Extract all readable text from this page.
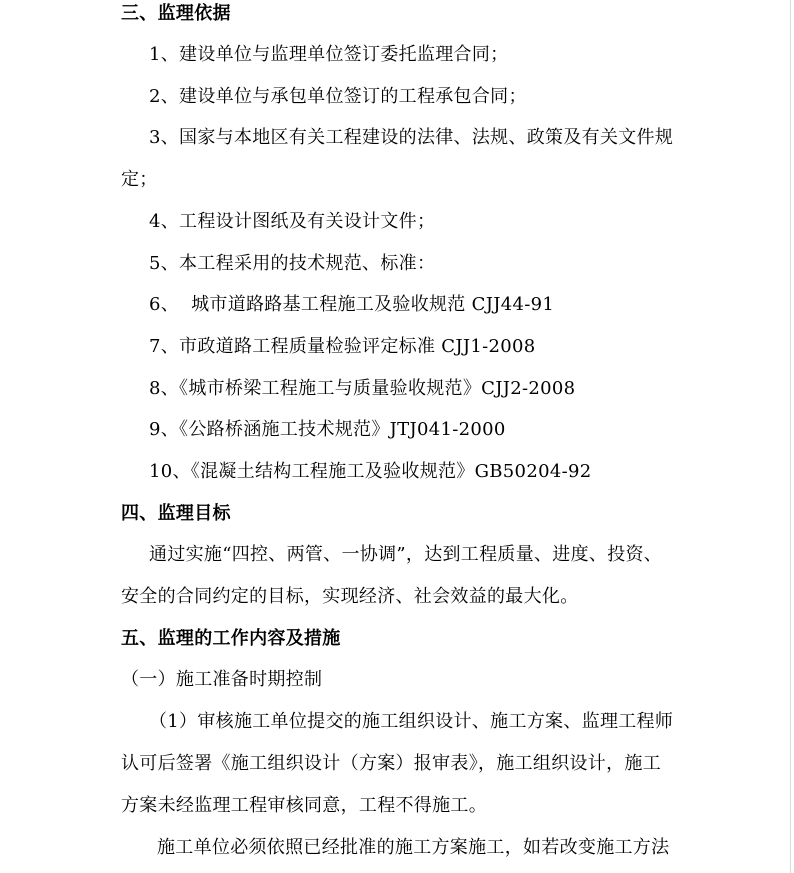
三、监理依据
1、建设单位与监理单位签订委托监理合同；
2、建设单位与承包单位签订的工程承包合同；
3、国家与本地区有关工程建设的法律、法规、政策及有关文件规
定；
4、工程设计图纸及有关设计文件；
5、本工程采用的技术规范、标准：
6、  城市道路路基工程施工及验收规范 CJJ44-91
7、市政道路工程质量检验评定标准 CJJ1-2008
8、《城市桥梁工程施工与质量验收规范》CJJ2-2008
9、《公路桥涵施工技术规范》JTJ041-2000
10、《混凝土结构工程施工及验收规范》GB50204-92
四、监理目标
通过实施“四控、两管、一协调”，达到工程质量、进度、投资、
安全的合同约定的目标，实现经济、社会效益的最大化。
五、监理的工作内容及措施
（一）施工准备时期控制
（1）审核施工单位提交的施工组织设计、施工方案、监理工程师
认可后签署《施工组织设计（方案）报审表》，施工组织设计，施工
方案未经监理工程审核同意，工程不得施工。
施工单位必须依照已经批准的施工方案施工，如若改变施工方法
